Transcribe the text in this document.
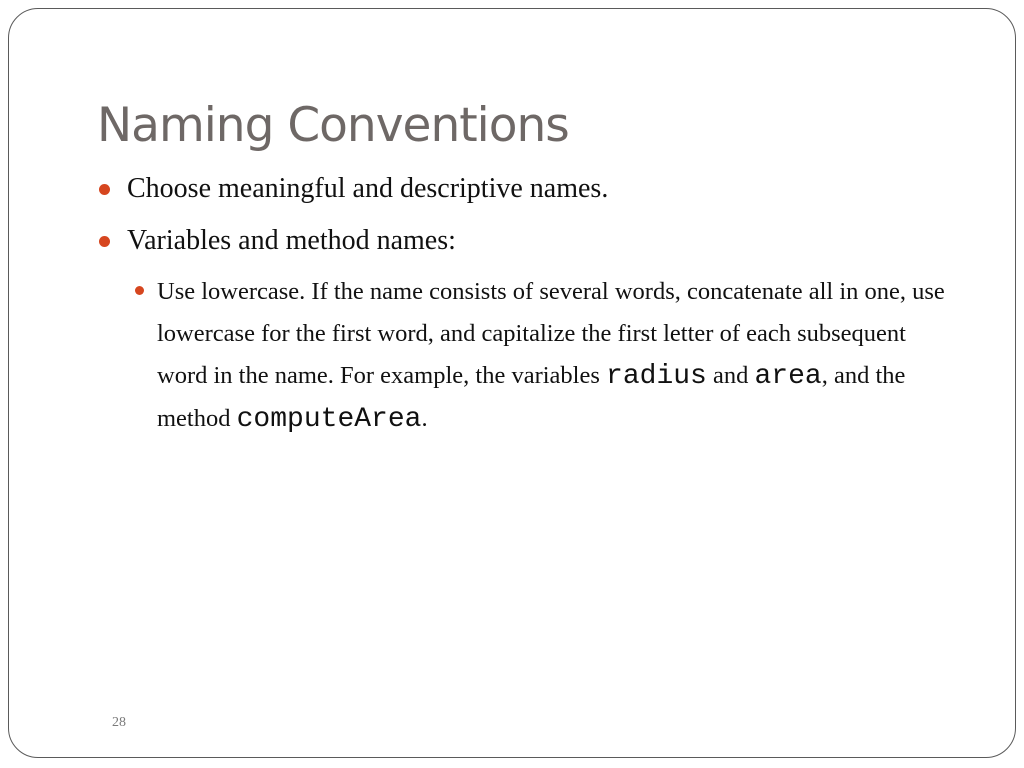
Naming Conventions
Choose meaningful and descriptive names.
Variables and method names:
Use lowercase. If the name consists of several words, concatenate all in one, use lowercase for the first word, and capitalize the first letter of each subsequent word in the name. For example, the variables radius and area, and the method computeArea.
28
